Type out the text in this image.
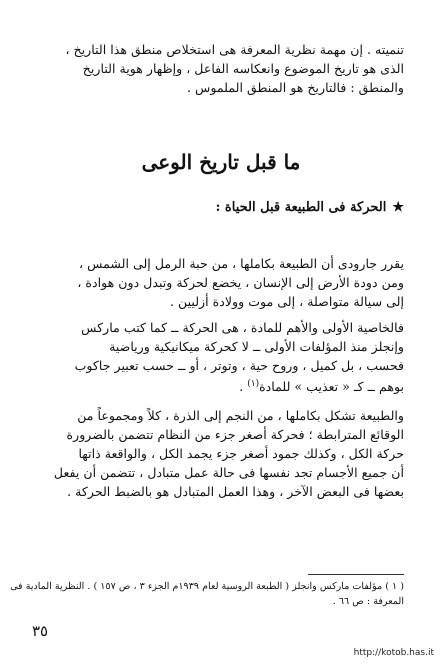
تنميته . إن مهمة نظرية المعرفة هى استخلاص منطق هذا التاريخ ،
الذى هو تاريخ الموضوع وانعكاسه الفاعل ، وإظهار هوية التاريخ
والمنطق : فالتاريخ هو المنطق الملموس .

ما قبل تاريخ الوعى
★الحركة فى الطبيعة قبل الحياة :

يقرر جارودى أن الطبيعة بكاملها ، من حبة الرمل إلى الشمس ،
ومن دودة الأرض إلى الإنسان ، يخضع لحركة وتبدل دون هوادة ،
إلى سيالة متواصلة ، إلى موت وولادة أزليين .

فالخاصية الأولى والأهم للمادة ، هى الحركة ــ كما كتب ماركس
وإنجلز منذ المؤلفات الأولى ــ لا كحركة ميكانيكية ورياضية
فحسب ، بل كميل ، وروح حية ، وتوتر ، أو ــ حسب تعبير جاكوب
بوهم ــ كـ « تعذيب » للمادة$^{(١)}$ .

والطبيعة تشكل بكاملها ، من النجم إلى الذرة ، كلاً ومجموعاً من
الوقائع المترابطة ؛ فحركة أصغر جزء من النظام تتضمن بالضرورة
حركة الكل ، وكذلك جمود أصغر جزء يجمد الكل ، والواقعة ذاتها
أن جميع الأجسام تجد نفسها فى حالة عمل متبادل ، تتضمن أن يفعل
بعضها فى البعض الآخر ، وهذا العمل المتبادل هو بالضبط الحركة .

( ١ ) مؤلفات ماركس وانجلز ( الطبعة الروسية لعام ١٩٣٩م الجزء ٣ ، ص ١٥٧ ) . النظرية المادية فى
المعرفة : ص ٦٦ .

٣٥
http://kotob.has.it
